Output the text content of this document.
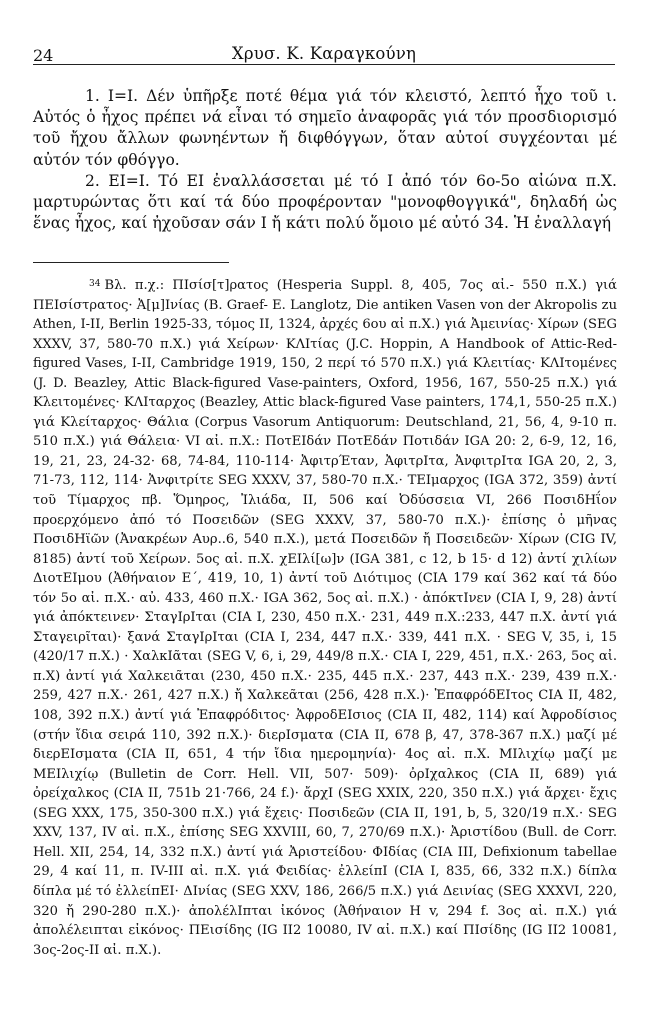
24	Χρυσ. Κ. Καραγκούνη

1. Ι=Ι. Δέν ὑπῆρξε ποτέ θέμα γιά τόν κλειστό, λεπτό ἦχο τοῦ ι. Αὐτός ὁ ἦχος πρέπει νά εἶναι τό σημεῖο ἀναφορᾶς γιά τόν προσδιορισμό τοῦ ἤχου ἄλλων φωνηέντων ἤ διφθόγγων, ὅταν αὐτοί συγχέονται μέ αὐτόν τόν φθόγγο.

2. ΕΙ=Ι. Τό ΕΙ ἐναλλάσσεται μέ τό Ι ἀπό τόν 6ο-5ο αἰώνα π.Χ. μαρτυρώντας ὅτι καί τά δύο προφέρονταν "μονοφθογγικά", δηλαδή ὡς ἕνας ἦχος, καί ἠχοῦσαν σάν Ι ἤ κάτι πολύ ὅμοιο μέ αὐτό 34. Ἡ ἐναλλαγή

$^{34}$ Βλ. π.χ.: ΠΙσίσ[τ]ρατος (Hesperia Suppl. 8, 405, 7ος αἰ.- 550 π.Χ.) γιά ΠΕΙσίστρατος· Ἀ[μ]Ινίας (B. Graef- E. Langlotz, Die antiken Vasen von der Akropolis zu Athen, I-II, Berlin 1925-33, τόμος ΙΙ, 1324, ἀρχές 6ου αἰ π.Χ.) γιά Ἀμεινίας· Χίρων (SEG XXXV, 37, 580-70 π.Χ.) γιά Χείρων· ΚΛΙτίας (J.C. Hoppin, A Handbook of Attic-Red-figured Vases, I-II, Cambridge 1919, 150, 2 περί τό 570 π.Χ.) γιά Κλειτίας· ΚΛΙτομένες (J. D. Beazley, Attic Black-figured Vase-painters, Oxford, 1956, 167, 550-25 π.Χ.) γιά Κλειτομένες· ΚΛΙταρχος (Beazley, Attic black-figured Vase painters, 174,1, 550-25 π.Χ.) γιά Κλείταρχος· Θάλια (Corpus Vasorum Antiquorum: Deutschland, 21, 56, 4, 9-10 π. 510 π.Χ.) γιά Θάλεια· VI αἰ. π.Χ.: ΠοτΕΙδάν ΠοτΕδάν Ποτιδάν IGA 20: 2, 6-9, 12, 16, 19, 21, 23, 24-32· 68, 74-84, 110-114· ἈφιτρΈταν, ἈφιτρΙτα, ἈνφιτρΙτα IGA 20, 2, 3, 71-73, 112, 114· Ἀνφιτρίτε SEG XXXV, 37, 580-70 π.Χ.· ΤΕΙμαρχος (IGA 372, 359) ἀντί τοῦ Τίμαρχος πβ. Ὅμηρος, Ἰλιάδα, ΙΙ, 506 καί Ὀδύσσεια VI, 266 ΠοσιδΗΐον προερχόμενο ἀπό τό Ποσειδῶν (SEG XXXV, 37, 580-70 π.Χ.)· ἐπίσης ὁ μῆνας ΠοσιδΗϊῶν (Ἀνακρέων Αυρ..6, 540 π.Χ.), μετά Ποσειδῶν ἤ Ποσειδεῶν· Χίρων (CIG IV, 8185) ἀντί τοῦ Χείρων. 5ος αἰ. π.Χ. χΕΙλί[ω]ν (IGA 381, c 12, b 15· d 12) ἀντί χιλίων ΔιοτΕΙμου (Ἀθήναιον Ε΄, 419, 10, 1) ἀντί τοῦ Διότιμος (CIA 179 καί 362 καί τά δύο τόν 5ο αἰ. π.Χ.· αὐ. 433, 460 π.Χ.· IGA 362, 5ος αἰ. π.Χ.) · ἀπόκτΙνεν (CIA I, 9, 28) ἀντί γιά ἀπόκτεινεν· ΣταγΙρΙται (CIA I, 230, 450 π.Χ.· 231, 449 π.Χ.:233, 447 π.Χ. ἀντί γιά Σταγειρῖται)· ξανά ΣταγΙρΙται (CIA I, 234, 447 π.Χ.· 339, 441 π.Χ. · SEG V, 35, i, 15 (420/17 π.Χ.) · ΧαλκΙᾶται (SEG V, 6, i, 29, 449/8 π.Χ.· CIA I, 229, 451, π.Χ.· 263, 5ος αἰ. π.Χ) ἀντί γιά Χαλκειᾶται (230, 450 π.Χ.· 235, 445 π.Χ.· 237, 443 π.Χ.· 239, 439 π.Χ.· 259, 427 π.Χ.· 261, 427 π.Χ.) ἤ Χαλκεᾶται (256, 428 π.Χ.)· ἘπαφρόδΕΙτος CIA II, 482, 108, 392 π.Χ.) ἀντί γιά Ἐπαφρόδιτος· ἈφροδΕΙσιος (CIA II, 482, 114) καί Ἀφροδίσιος (στήν ἴδια σειρά 110, 392 π.Χ.)· διερΙσματα (CIA II, 678 β, 47, 378-367 π.Χ.) μαζί μέ διερΕΙσματα (CIA II, 651, 4 τήν ἴδια ημερομηνία)· 4ος αἰ. π.Χ. ΜΙλιχίῳ μαζί με ΜΕΙλιχίῳ (Bulletin de Corr. Hell. VII, 507· 509)· ὀρΙχαλκος (CIA II, 689) γιά ὀρείχαλκος (CIA II, 751b 21·766, 24 f.)· ἄρχΙ (SEG XXIX, 220, 350 π.Χ.) γιά ἄρχει· ἔχις (SEG XXX, 175, 350-300 π.Χ.) γιά ἔχεις· Ποσιδεῶν (CIA II, 191, b, 5, 320/19 π.Χ.· SEG XXV, 137, IV αἰ. π.Χ., ἐπίσης SEG XXVIII, 60, 7, 270/69 π.Χ.)· Ἀριστίδου (Bull. de Corr. Hell. XII, 254, 14, 332 π.Χ.) ἀντί γιά Ἀριστείδου· ΦΙδίας (CIA III, Defixionum tabellae 29, 4 καί 11, π. IV-III αἰ. π.Χ. γιά Φειδίας· ἐλλείπΙ (CIA I, 835, 66, 332 π.Χ.) δίπλα δίπλα μέ τό ἐλλείπΕΙ· ΔΙνίας (SEG XXV, 186, 266/5 π.Χ.) γιά Δεινίας (SEG XXXVI, 220, 320 ἤ 290-280 π.Χ.)· ἀπολέλΙπται ἰκόνος (Ἀθήναιον H v, 294 f. 3ος αἰ. π.Χ.) γιά ἀπολέλειπται εἰκόνος· ΠΕισίδης (IG II2 10080, IV αἰ. π.Χ.) καί ΠΙσίδης (IG II2 10081, 3ος-2ος-ΙΙ αἰ. π.Χ.).
